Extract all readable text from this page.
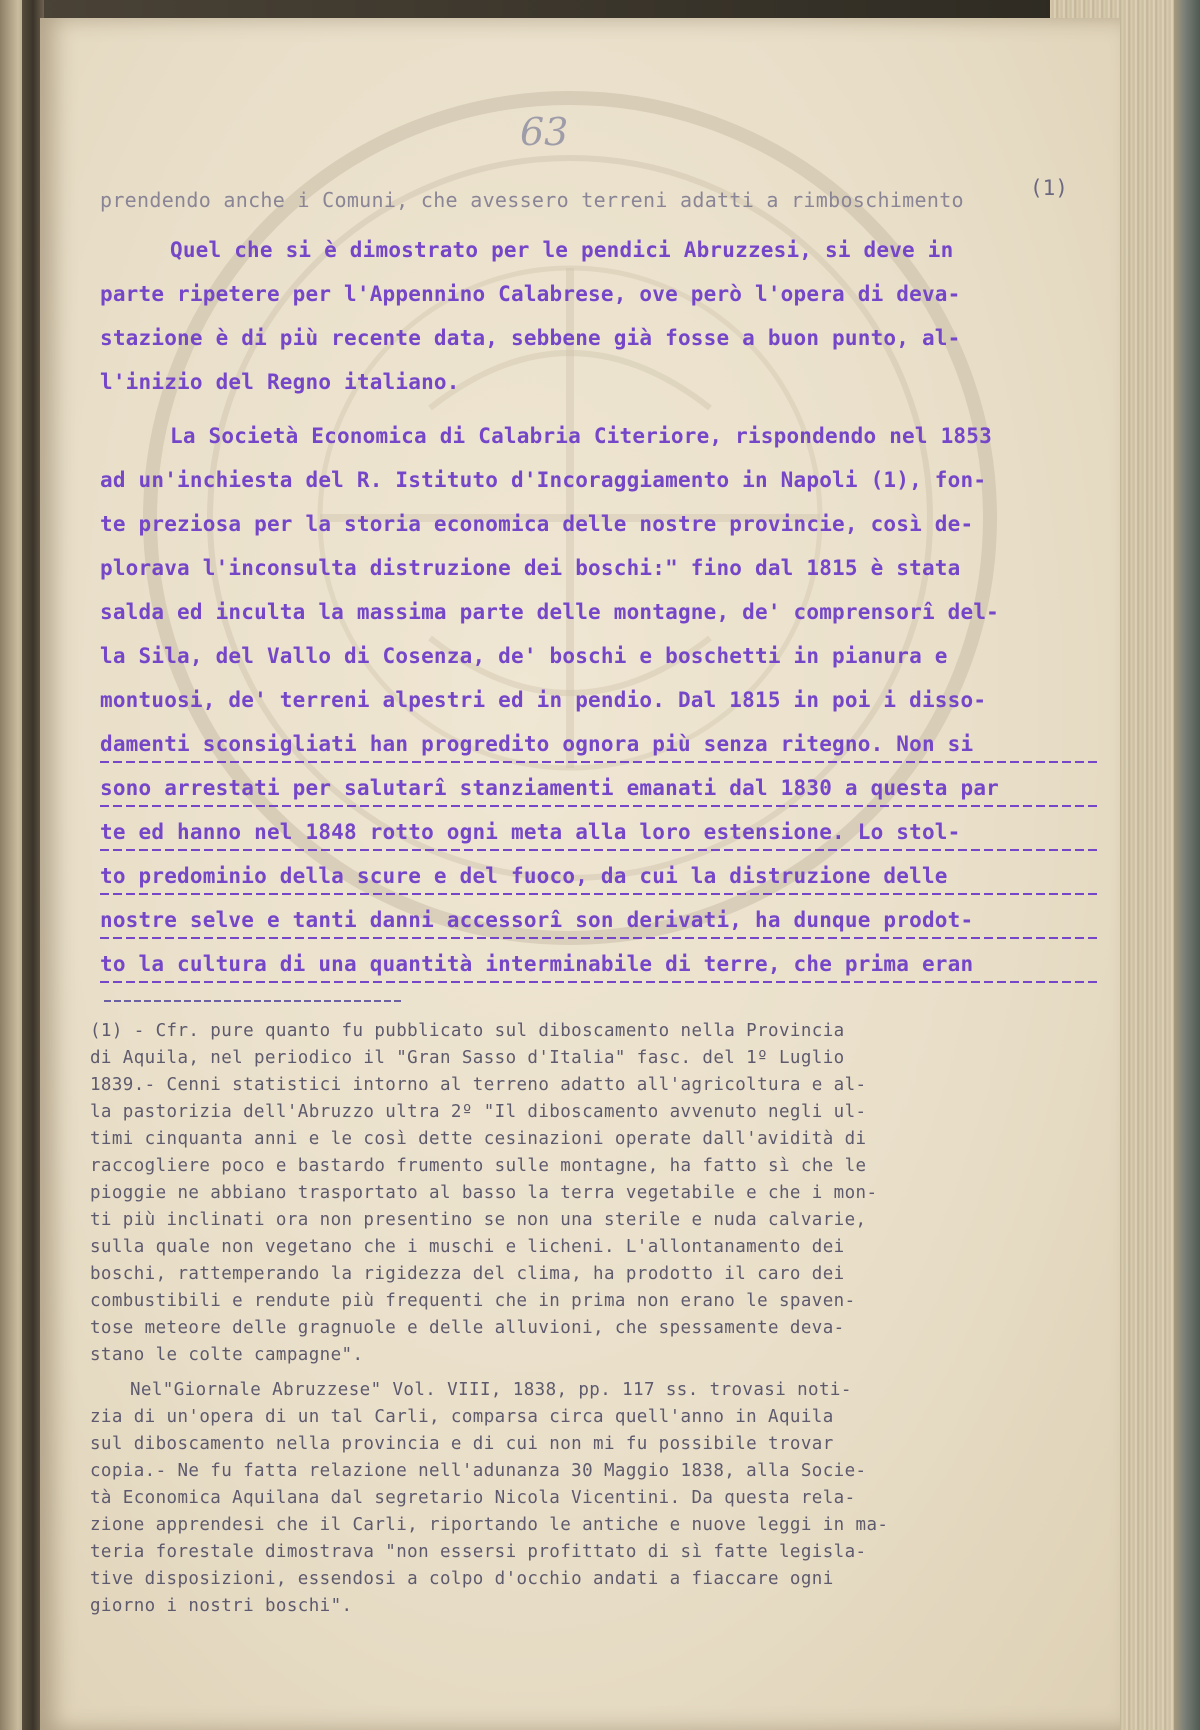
63
prendendo anche i Comuni, che avessero terreni adatti a rimboschimento	(1)
Quel che si è dimostrato per le pendici Abruzzesi, si deve in
parte ripetere per l'Appennino Calabrese, ove però l'opera di deva-
stazione è di più recente data, sebbene già fosse a buon punto, al-
l'inizio del Regno italiano.
La Società Economica di Calabria Citeriore, rispondendo nel 1853
ad un'inchiesta del R. Istituto d'Incoraggiamento in Napoli (1), fon-
te preziosa per la storia economica delle nostre provincie, così de-
plorava l'inconsulta distruzione dei boschi:" fino dal 1815 è stata
salda ed inculta la massima parte delle montagne, de' comprensorî del-
la Sila, del Vallo di Cosenza, de' boschi e boschetti in pianura e
montuosi, de' terreni alpestri ed in pendio. Dal 1815 in poi i disso-
damenti sconsigliati han progredito ognora più senza ritegno. Non si
sono arrestati per salutarî stanziamenti emanati dal 1830 a questa par
te ed hanno nel 1848 rotto ogni meta alla loro estensione. Lo stol-
to predominio della scure e del fuoco, da cui la distruzione delle
nostre selve e tanti danni accessorî son derivati, ha dunque prodot-
to la cultura di una quantità interminabile di terre, che prima eran
(1) - Cfr. pure quanto fu pubblicato sul diboscamento nella Provincia
di Aquila, nel periodico il "Gran Sasso d'Italia" fasc. del 1º Luglio
1839.- Cenni statistici intorno al terreno adatto all'agricoltura e al-
la pastorizia dell'Abruzzo ultra 2º "Il diboscamento avvenuto negli ul-
timi cinquanta anni e le così dette cesinazioni operate dall'avidità di
raccogliere poco e bastardo frumento sulle montagne, ha fatto sì che le
pioggie ne abbiano trasportato al basso la terra vegetabile e che i mon-
ti più inclinati ora non presentino se non una sterile e nuda calvarie,
sulla quale non vegetano che i muschi e licheni. L'allontanamento dei
boschi, rattemperando la rigidezza del clima, ha prodotto il caro dei
combustibili e rendute più frequenti che in prima non erano le spaven-
tose meteore delle gragnuole e delle alluvioni, che spessamente deva-
stano le colte campagne".
Nel"Giornale Abruzzese" Vol. VIII, 1838, pp. 117 ss. trovasi noti-
zia di un'opera di un tal Carli, comparsa circa quell'anno in Aquila
sul diboscamento nella provincia e di cui non mi fu possibile trovar
copia.- Ne fu fatta relazione nell'adunanza 30 Maggio 1838, alla Socie-
tà Economica Aquilana dal segretario Nicola Vicentini. Da questa rela-
zione apprendesi che il Carli, riportando le antiche e nuove leggi in ma-
teria forestale dimostrava "non essersi profittato di sì fatte legisla-
tive disposizioni, essendosi a colpo d'occhio andati a fiaccare ogni
giorno i nostri boschi".
